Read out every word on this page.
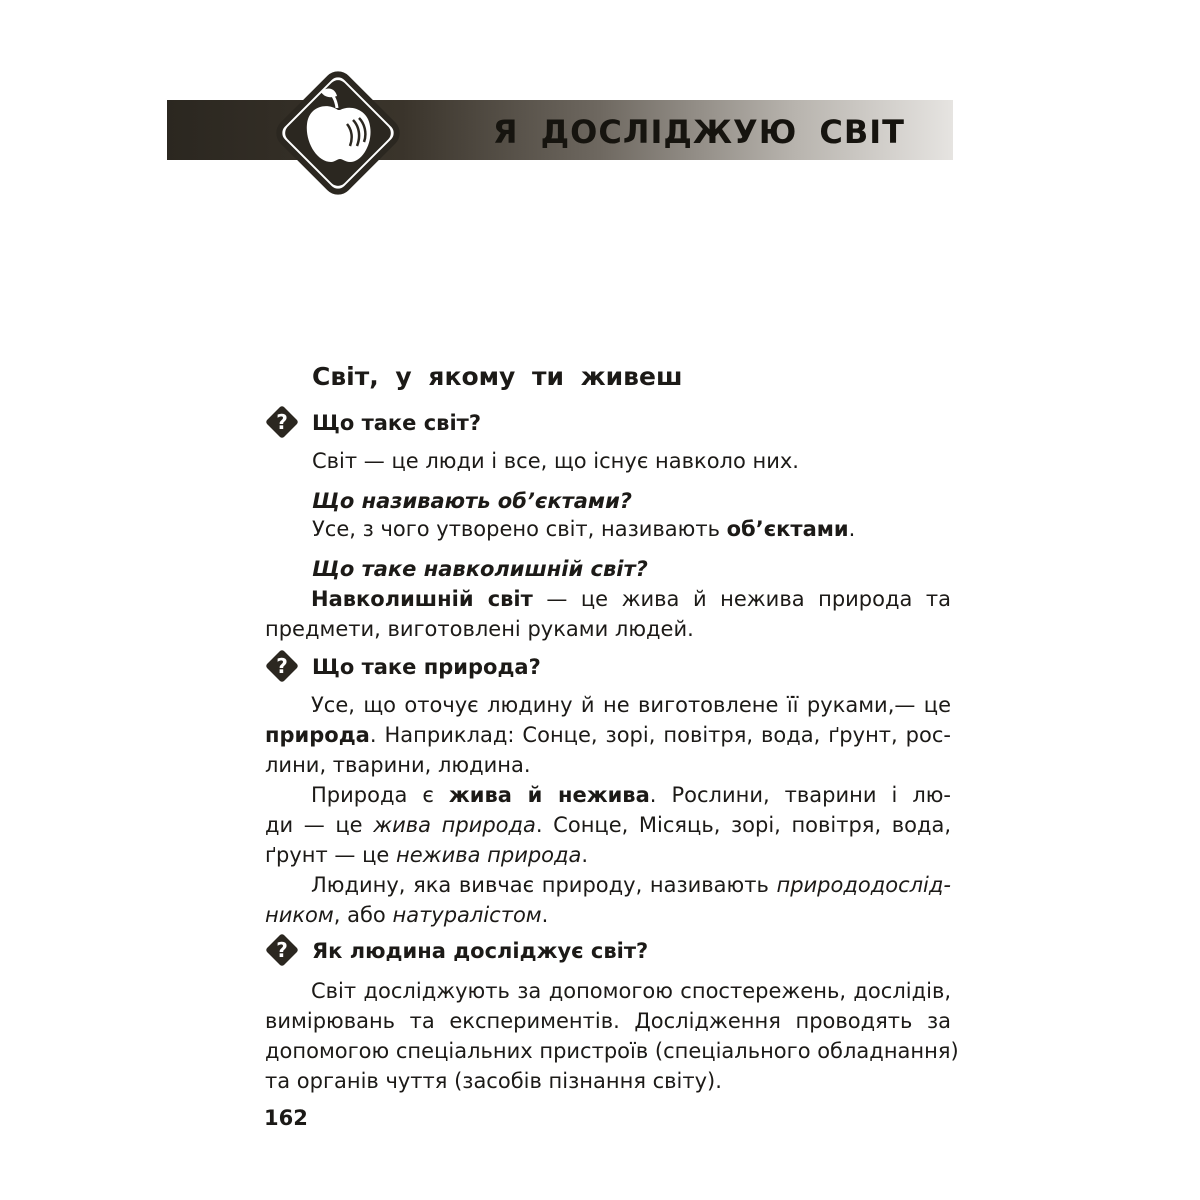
Я ДОСЛІДЖУЮ СВІТ
Світ, у якому ти живеш
? Що таке світ?
Світ — це люди і все, що існує навколо них.
Що називають об’єктами?
Усе, з чого утворено світ, називають об’єктами.
Що таке навколишній світ?
Навколишній світ — це жива й нежива природа та
предмети, виготовлені руками людей.
? Що таке природа?
Усе, що оточує людину й не виготовлене її руками,— це
природа. Наприклад: Сонце, зорі, повітря, вода, ґрунт, рос-
лини, тварини, людина.
Природа є жива й нежива. Рослини, тварини і лю-
ди — це жива природа. Сонце, Місяць, зорі, повітря, вода,
ґрунт — це нежива природа.
Людину, яка вивчає природу, називають природодослід-
ником, або натуралістом.
? Як людина досліджує світ?
Світ досліджують за допомогою спостережень, дослідів,
вимірювань та експериментів. Дослідження проводять за
допомогою спеціальних пристроїв (спеціального обладнання)
та органів чуття (засобів пізнання світу).
162
